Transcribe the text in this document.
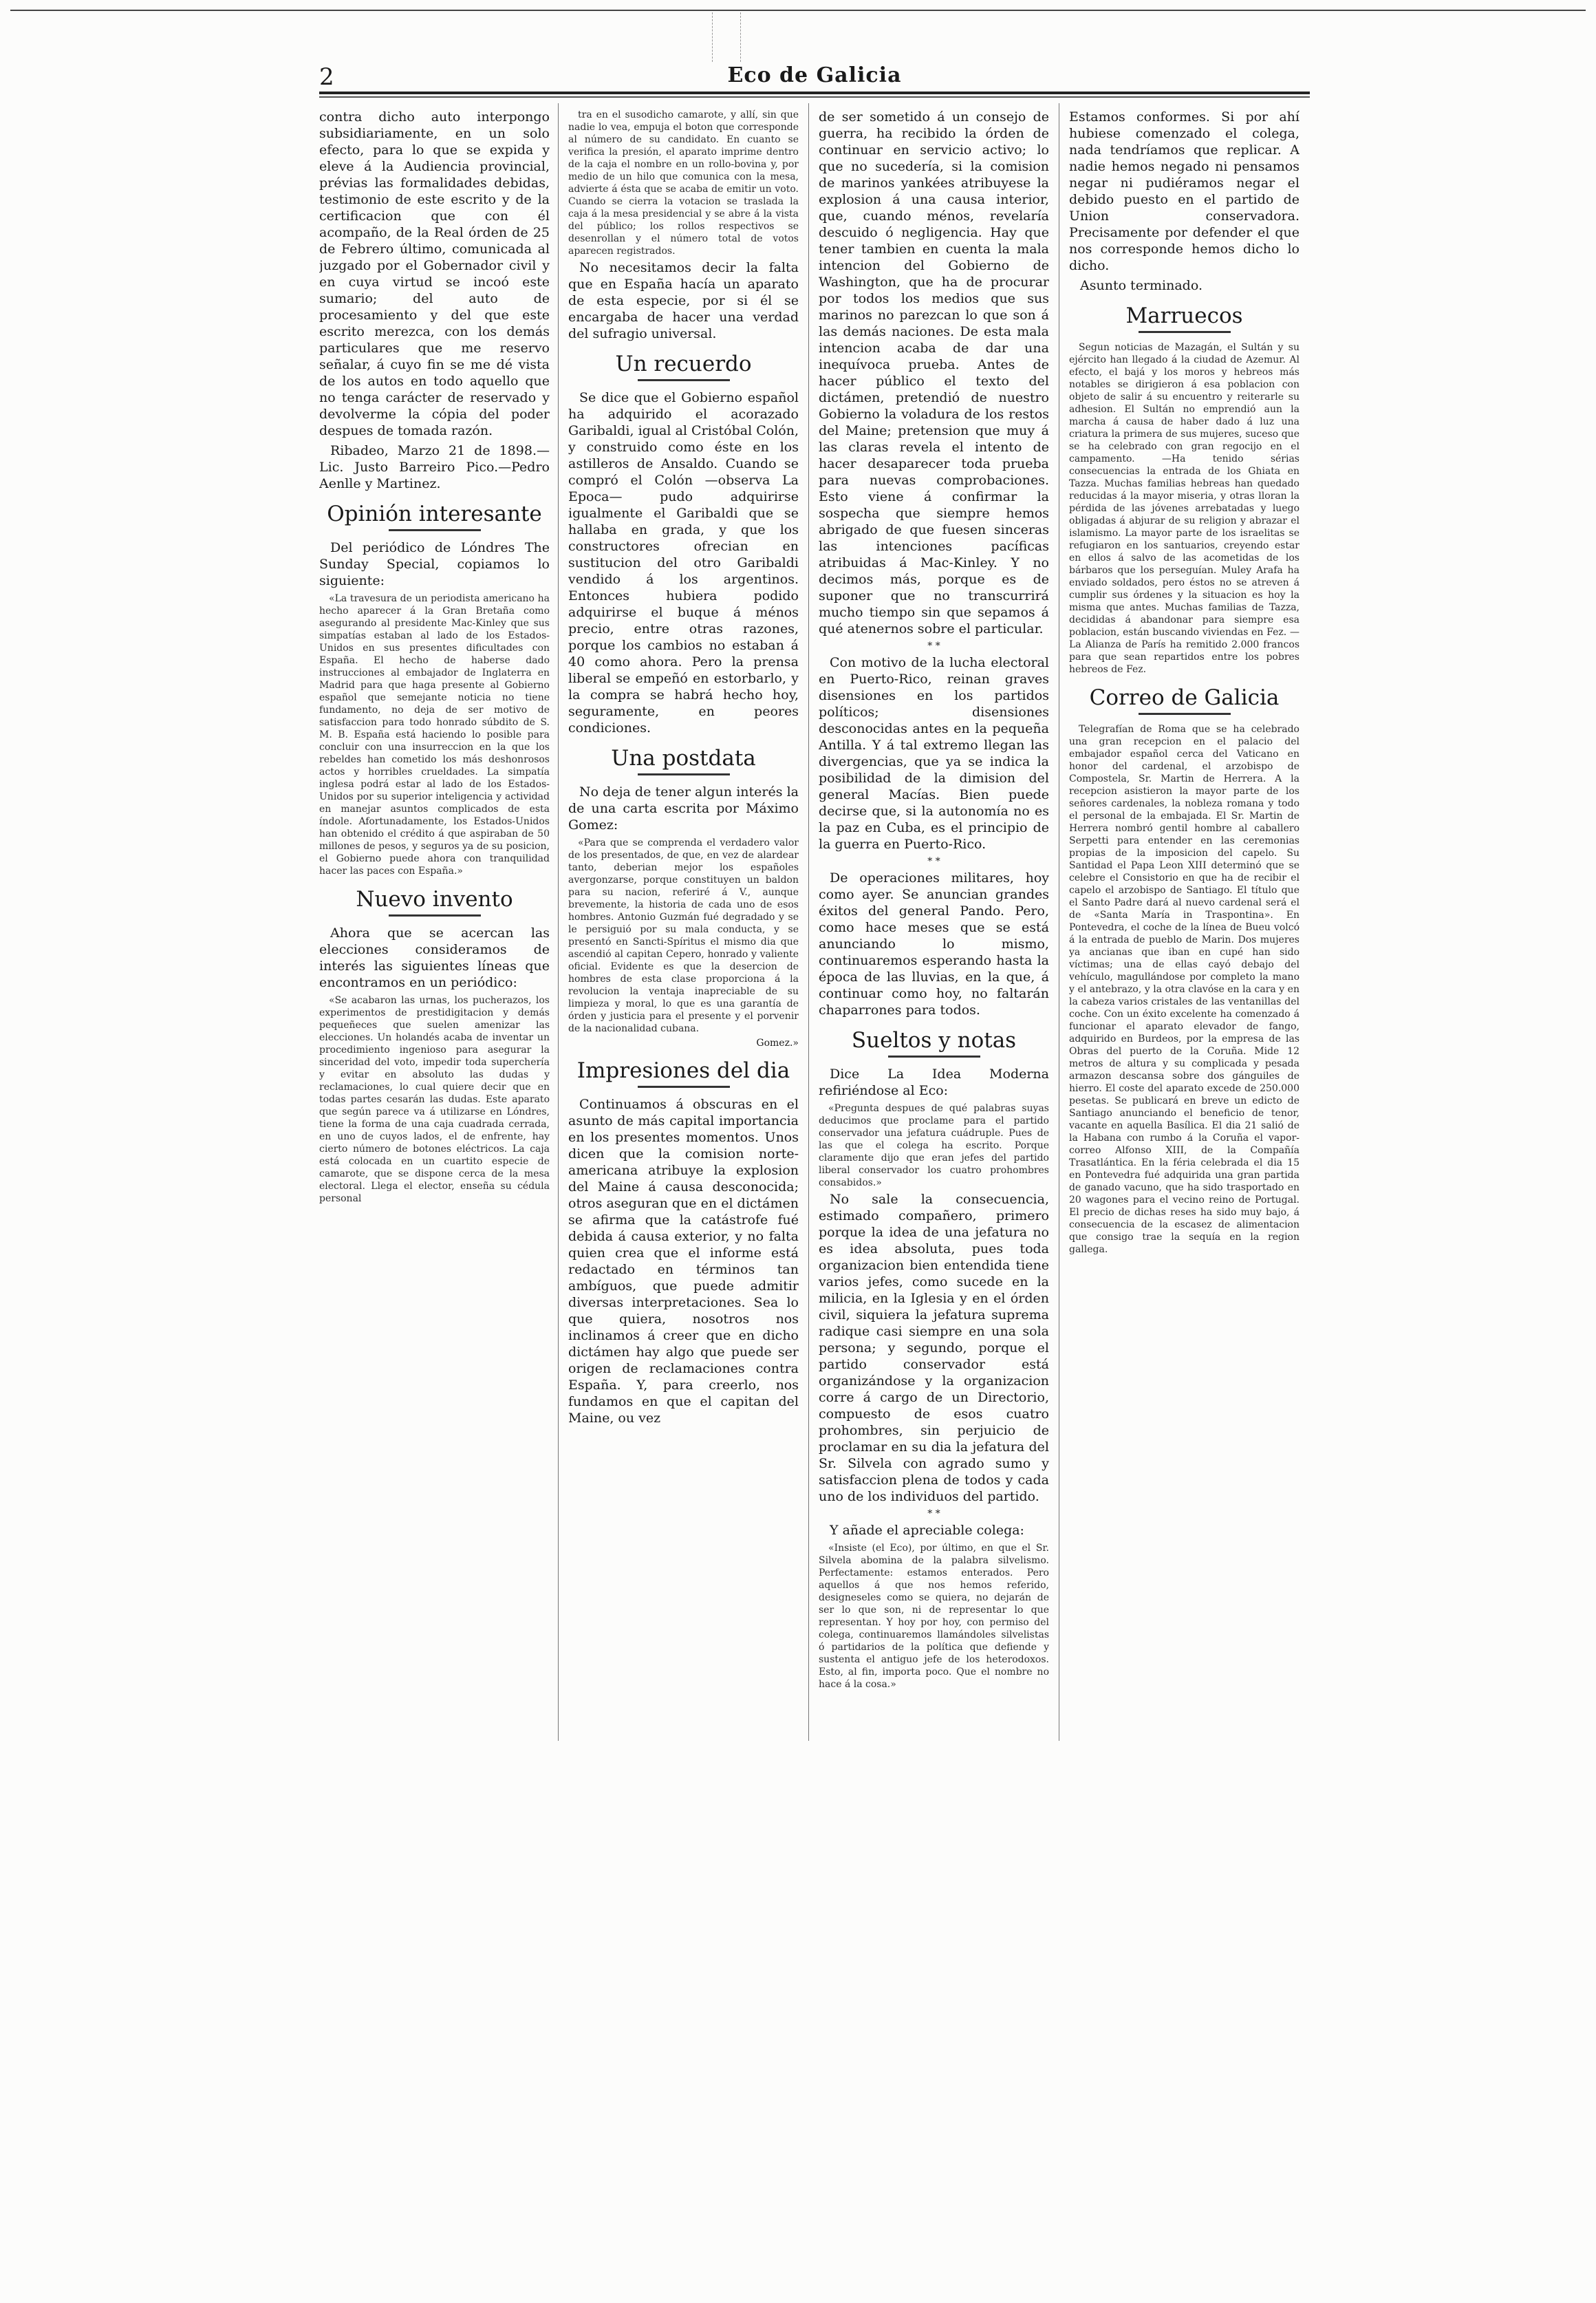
2	Eco de Galicia

contra dicho auto interpongo subsidiariamente, en un solo efecto, para lo que se expida y eleve á la Audiencia provincial, prévias las formalidades debidas, testimonio de este escrito y de la certificacion que con él acompaño, de la Real órden de 25 de Febrero último, comunicada al juzgado por el Gobernador civil y en cuya virtud se incoó este sumario; del auto de procesamiento y del que este escrito merezca, con los demás particulares que me reservo señalar, á cuyo fin se me dé vista de los autos en todo aquello que no tenga carácter de reservado y devolverme la cópia del poder despues de tomada razón.

Ribadeo, Marzo 21 de 1898.—Lic. Justo Barreiro Pico.—Pedro Aenlle y Martinez.

Opinión interesante

Del periódico de Lóndres The Sunday Special, copiamos lo siguiente:

«La travesura de un periodista americano ha hecho aparecer á la Gran Bretaña como asegurando al presidente Mac-Kinley que sus simpatías estaban al lado de los Estados-Unidos en sus presentes dificultades con España. El hecho de haberse dado instrucciones al embajador de Inglaterra en Madrid para que haga presente al Gobierno español que semejante noticia no tiene fundamento, no deja de ser motivo de satisfaccion para todo honrado súbdito de S. M. B. España está haciendo lo posible para concluir con una insurreccion en la que los rebeldes han cometido los más deshonrosos actos y horribles crueldades. La simpatía inglesa podrá estar al lado de los Estados-Unidos por su superior inteligencia y actividad en manejar asuntos complicados de esta índole. Afortunadamente, los Estados-Unidos han obtenido el crédito á que aspiraban de 50 millones de pesos, y seguros ya de su posicion, el Gobierno puede ahora con tranquilidad hacer las paces con España.»

Nuevo invento

Ahora que se acercan las elecciones consideramos de interés las siguientes líneas que encontramos en un periódico:

«Se acabaron las urnas, los pucherazos, los experimentos de prestidigitacion y demás pequeñeces que suelen amenizar las elecciones. Un holandés acaba de inventar un procedimiento ingenioso para asegurar la sinceridad del voto, impedir toda superchería y evitar en absoluto las dudas y reclamaciones, lo cual quiere decir que en todas partes cesarán las dudas. Este aparato que según parece va á utilizarse en Lóndres, tiene la forma de una caja cuadrada cerrada, en uno de cuyos lados, el de enfrente, hay cierto número de botones eléctricos. La caja está colocada en un cuartito especie de camarote, que se dispone cerca de la mesa electoral. Llega el elector, enseña su cédula personal

tra en el susodicho camarote, y allí, sin que nadie lo vea, empuja el boton que corresponde al número de su candidato. En cuanto se verifica la presión, el aparato imprime dentro de la caja el nombre en un rollo-bovina y, por medio de un hilo que comunica con la mesa, advierte á ésta que se acaba de emitir un voto. Cuando se cierra la votacion se traslada la caja á la mesa presidencial y se abre á la vista del público; los rollos respectivos se desenrollan y el número total de votos aparecen registrados.

No necesitamos decir la falta que en España hacía un aparato de esta especie, por si él se encargaba de hacer una verdad del sufragio universal.

Un recuerdo

Se dice que el Gobierno español ha adquirido el acorazado Garibaldi, igual al Cristóbal Colón, y construido como éste en los astilleros de Ansaldo. Cuando se compró el Colón —observa La Epoca— pudo adquirirse igualmente el Garibaldi que se hallaba en grada, y que los constructores ofrecian en sustitucion del otro Garibaldi vendido á los argentinos. Entonces hubiera podido adquirirse el buque á ménos precio, entre otras razones, porque los cambios no estaban á 40 como ahora. Pero la prensa liberal se empeñó en estorbarlo, y la compra se habrá hecho hoy, seguramente, en peores condiciones.

Una postdata

No deja de tener algun interés la de una carta escrita por Máximo Gomez:

«Para que se comprenda el verdadero valor de los presentados, de que, en vez de alardear tanto, deberian mejor los españoles avergonzarse, porque constituyen un baldon para su nacion, referiré á V., aunque brevemente, la historia de cada uno de esos hombres. Antonio Guzmán fué degradado y se le persiguió por su mala conducta, y se presentó en Sancti-Spíritus el mismo dia que ascendió al capitan Cepero, honrado y valiente oficial. Evidente es que la desercion de hombres de esta clase proporciona á la revolucion la ventaja inapreciable de su limpieza y moral, lo que es una garantía de órden y justicia para el presente y el porvenir de la nacionalidad cubana.

Gomez.»
Impresiones del dia

Continuamos á obscuras en el asunto de más capital importancia en los presentes momentos. Unos dicen que la comision norte-americana atribuye la explosion del Maine á causa desconocida; otros aseguran que en el dictámen se afirma que la catástrofe fué debida á causa exterior, y no falta quien crea que el informe está redactado en términos tan ambíguos, que puede admitir diversas interpretaciones. Sea lo que quiera, nosotros nos inclinamos á creer que en dicho dictámen hay algo que puede ser origen de reclamaciones contra España. Y, para creerlo, nos fundamos en que el capitan del Maine, ou vez

de ser sometido á un consejo de guerra, ha recibido la órden de continuar en servicio activo; lo que no sucedería, si la comision de marinos yankées atribuyese la explosion á una causa interior, que, cuando ménos, revelaría descuido ó negligencia. Hay que tener tambien en cuenta la mala intencion del Gobierno de Washington, que ha de procurar por todos los medios que sus marinos no parezcan lo que son á las demás naciones. De esta mala intencion acaba de dar una inequívoca prueba. Antes de hacer público el texto del dictámen, pretendió de nuestro Gobierno la voladura de los restos del Maine; pretension que muy á las claras revela el intento de hacer desaparecer toda prueba para nuevas comprobaciones. Esto viene á confirmar la sospecha que siempre hemos abrigado de que fuesen sinceras las intenciones pacíficas atribuidas á Mac-Kinley. Y no decimos más, porque es de suponer que no transcurrirá mucho tiempo sin que sepamos á qué atenernos sobre el particular.

* *

Con motivo de la lucha electoral en Puerto-Rico, reinan graves disensiones en los partidos políticos; disensiones desconocidas antes en la pequeña Antilla. Y á tal extremo llegan las divergencias, que ya se indica la posibilidad de la dimision del general Macías. Bien puede decirse que, si la autonomía no es la paz en Cuba, es el principio de la guerra en Puerto-Rico.

* *

De operaciones militares, hoy como ayer. Se anuncian grandes éxitos del general Pando. Pero, como hace meses que se está anunciando lo mismo, continuaremos esperando hasta la época de las lluvias, en la que, á continuar como hoy, no faltarán chaparrones para todos.

Sueltos y notas

Dice La Idea Moderna refiriéndose al Eco:

«Pregunta despues de qué palabras suyas deducimos que proclame para el partido conservador una jefatura cuádruple. Pues de las que el colega ha escrito. Porque claramente dijo que eran jefes del partido liberal conservador los cuatro prohombres consabidos.»

No sale la consecuencia, estimado compañero, primero porque la idea de una jefatura no es idea absoluta, pues toda organizacion bien entendida tiene varios jefes, como sucede en la milicia, en la Iglesia y en el órden civil, siquiera la jefatura suprema radique casi siempre en una sola persona; y segundo, porque el partido conservador está organizándose y la organizacion corre á cargo de un Directorio, compuesto de esos cuatro prohombres, sin perjuicio de proclamar en su dia la jefatura del Sr. Silvela con agrado sumo y satisfaccion plena de todos y cada uno de los individuos del partido.

* *

Y añade el apreciable colega:

«Insiste (el Eco), por último, en que el Sr. Silvela abomina de la palabra silvelismo. Perfectamente: estamos enterados. Pero aquellos á que nos hemos referido, designeseles como se quiera, no dejarán de ser lo que son, ni de representar lo que representan. Y hoy por hoy, con permiso del colega, continuaremos llamándoles silvelistas ó partidarios de la política que defiende y sustenta el antiguo jefe de los heterodoxos. Esto, al fin, importa poco. Que el nombre no hace á la cosa.»

Estamos conformes. Si por ahí hubiese comenzado el colega, nada tendríamos que replicar. A nadie hemos negado ni pensamos negar ni pudiéramos negar el debido puesto en el partido de Union conservadora. Precisamente por defender el que nos corresponde hemos dicho lo dicho.

Asunto terminado.

Marruecos

Segun noticias de Mazagán, el Sultán y su ejército han llegado á la ciudad de Azemur. Al efecto, el bajá y los moros y hebreos más notables se dirigieron á esa poblacion con objeto de salir á su encuentro y reiterarle su adhesion. El Sultán no emprendió aun la marcha á causa de haber dado á luz una criatura la primera de sus mujeres, suceso que se ha celebrado con gran regocijo en el campamento. —Ha tenido sérias consecuencias la entrada de los Ghiata en Tazza. Muchas familias hebreas han quedado reducidas á la mayor miseria, y otras lloran la pérdida de las jóvenes arrebatadas y luego obligadas á abjurar de su religion y abrazar el islamismo. La mayor parte de los israelitas se refugiaron en los santuarios, creyendo estar en ellos á salvo de las acometidas de los bárbaros que los perseguían. Muley Arafa ha enviado soldados, pero éstos no se atreven á cumplir sus órdenes y la situacion es hoy la misma que antes. Muchas familias de Tazza, decididas á abandonar para siempre esa poblacion, están buscando viviendas en Fez. —La Alianza de París ha remitido 2.000 francos para que sean repartidos entre los pobres hebreos de Fez.

Correo de Galicia

Telegrafían de Roma que se ha celebrado una gran recepcion en el palacio del embajador español cerca del Vaticano en honor del cardenal, el arzobispo de Compostela, Sr. Martin de Herrera. A la recepcion asistieron la mayor parte de los señores cardenales, la nobleza romana y todo el personal de la embajada. El Sr. Martin de Herrera nombró gentil hombre al caballero Serpetti para entender en las ceremonias propias de la imposicion del capelo. Su Santidad el Papa Leon XIII determinó que se celebre el Consistorio en que ha de recibir el capelo el arzobispo de Santiago. El título que el Santo Padre dará al nuevo cardenal será el de «Santa María in Traspontina». En Pontevedra, el coche de la línea de Bueu volcó á la entrada de pueblo de Marin. Dos mujeres ya ancianas que iban en cupé han sido víctimas; una de ellas cayó debajo del vehículo, magullándose por completo la mano y el antebrazo, y la otra clavóse en la cara y en la cabeza varios cristales de las ventanillas del coche. Con un éxito excelente ha comenzado á funcionar el aparato elevador de fango, adquirido en Burdeos, por la empresa de las Obras del puerto de la Coruña. Mide 12 metros de altura y su complicada y pesada armazon descansa sobre dos gánguiles de hierro. El coste del aparato excede de 250.000 pesetas. Se publicará en breve un edicto de Santiago anunciando el beneficio de tenor, vacante en aquella Basílica. El dia 21 salió de la Habana con rumbo á la Coruña el vapor-correo Alfonso XIII, de la Compañía Trasatlántica. En la féria celebrada el dia 15 en Pontevedra fué adquirida una gran partida de ganado vacuno, que ha sido trasportado en 20 wagones para el vecino reino de Portugal. El precio de dichas reses ha sido muy bajo, á consecuencia de la escasez de alimentacion que consigo trae la sequía en la region gallega.
